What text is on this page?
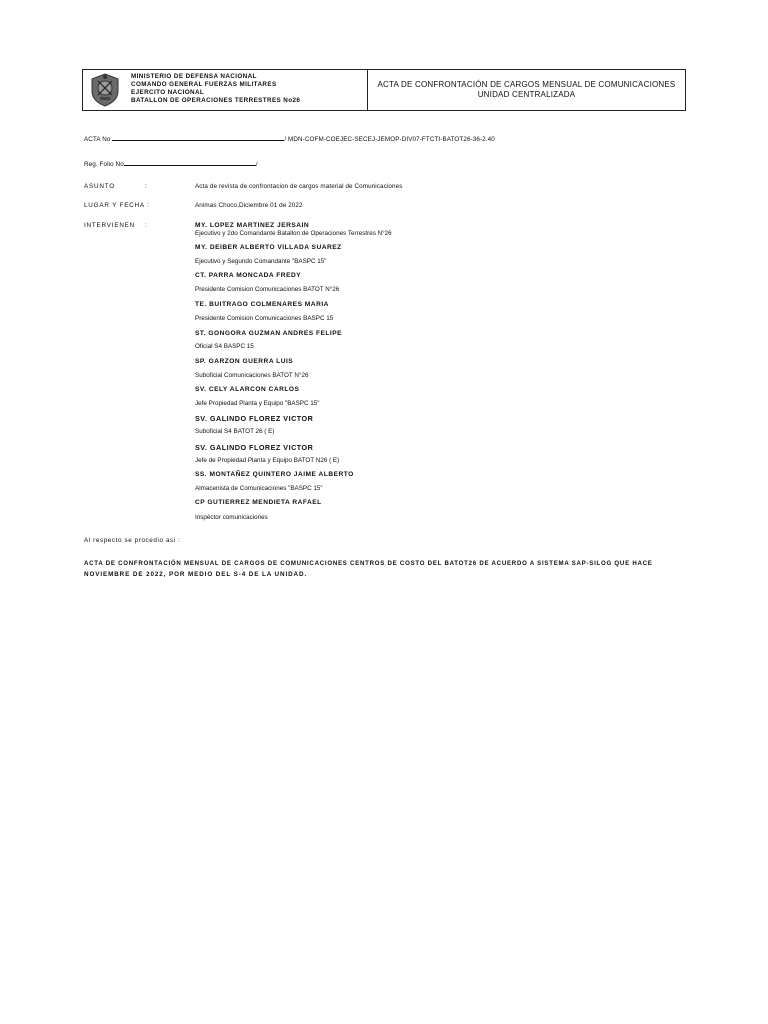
MINISTERIO DE DEFENSA NACIONAL
COMANDO GENERAL FUERZAS MILITARES
EJERCITO NACIONAL
BATALLON DE OPERACIONES TERRESTRES No26
ACTA DE CONFRONTACIÓN DE CARGOS MENSUAL DE COMUNICACIONES
UNIDAD CENTRALIZADA
ACTA No	/ MDN-COFM-COEJEC-SECEJ-JEMOP-DIV07-FTCTI-BATOT26-36-2.40
Reg. Folio No	/
ASUNTO	:	Acta de revista de confrontacion de cargos material de Comunicaciones
LUGAR Y FECHA :	Animas Choco,Diciembre 01 de 2022
INTERVIENEN :	MY. LOPEZ MARTINEZ JERSAIN
Ejecutivo y 2do Comandante Batallon de Operaciones Terrestres N°26
MY. DEIBER ALBERTO VILLADA SUAREZ
Ejecutivo y Segundo Comandante "BASPC 15"
CT. PARRA MONCADA FREDY
Presidente Comision Comunicaciones BATOT N°26
TE. BUITRAGO COLMENARES MARIA
Presidente Comision Comunicaciones BASPC 15
ST. GONGORA GUZMAN ANDRES FELIPE
Oficial S4 BASPC 15
SP. GARZON GUERRA LUIS
Suboficial Comunicaciones BATOT N°26
SV. CELY ALARCON CARLOS
Jefe Propiedad Planta y Equipo "BASPC 15"
SV. GALINDO FLOREZ VICTOR
Suboficial S4 BATOT 26 ( E)
SV. GALINDO FLOREZ VICTOR
Jefe de Propiedad Planta y Equipo BATOT N26 ( E)
SS. MONTAÑEZ QUINTERO JAIME ALBERTO
Almacenista de Comunicaciones "BASPC 15"
CP GUTIERREZ MENDIETA RAFAEL
Inspéctor comunicaciones
Al respecto se procedio asi :
ACTA DE CONFRONTACIÓN MENSUAL DE CARGOS DE COMUNICACIONES CENTROS DE COSTO DEL BATOT26 DE ACUERDO A SISTEMA SAP-SILOG QUE HACE
NOVIEMBRE DE 2022, POR MEDIO DEL S-4 DE LA UNIDAD.
